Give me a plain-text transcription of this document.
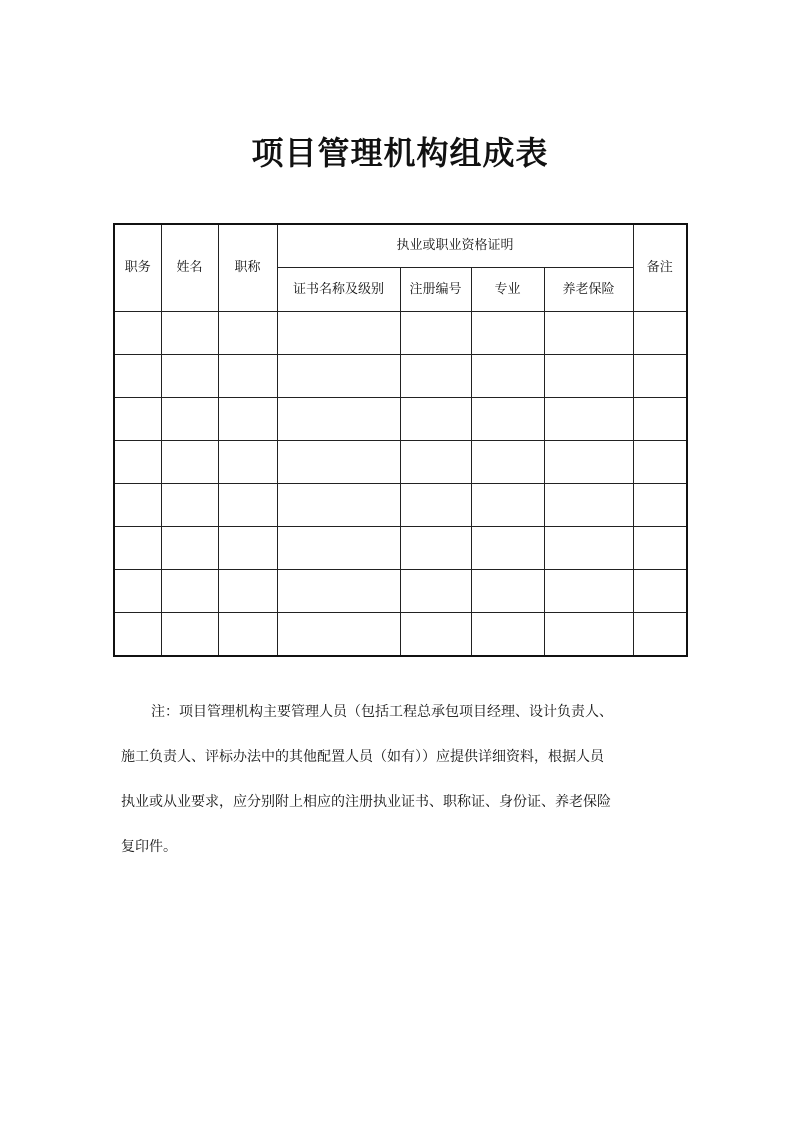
项目管理机构组成表
职务	姓名	职称	执业或职业资格证明				备注
			证书名称及级别	注册编号	专业	养老保险	

注：项目管理机构主要管理人员（包括工程总承包项目经理、设计负责人、

施工负责人、评标办法中的其他配置人员（如有））应提供详细资料，根据人员

执业或从业要求，应分别附上相应的注册执业证书、职称证、身份证、养老保险

复印件。
